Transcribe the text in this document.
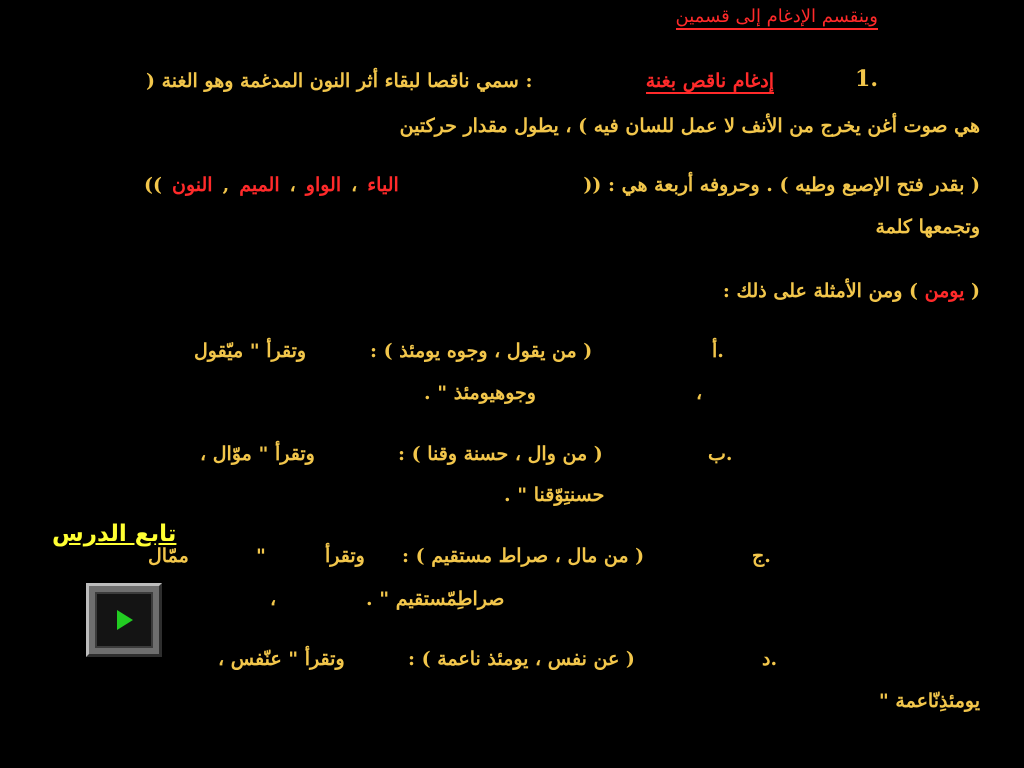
وينقسم الإدغام إلى قسمين
1.
إدغام ناقص بغنة
: سمي ناقصا لبقاء أثر النون المدغمة وهو الغنة (
هي صوت أغن يخرج من الأنف لا عمل للسان فيه ) ، يطول مقدار حركتين
( بقدر فتح الإصبع وطيه ) . وحروفه أربعة هي : ((
الياء
،
الواو
،
الميم
,
النون
))
وتجمعها كلمة
( يومن ) ومن الأمثلة على ذلك :
أ.
( من يقول ، وجوه يومئذ ) :
وتقرأ " ميّقول
،
وجوهيومئذ " .
ب.
( من وال ، حسنة وقنا ) :
وتقرأ " موّال ،
حسنتِوّقنا " .
ج.
( من مال ، صراط مستقيم ) :
وتقرأ
"
ممّال
،	صراطِمّستقيم " .
د.
( عن نفس ، يومئذ ناعمة ) :
وتقرأ " عنّفس ،
يومئذِنّاعمة "
تابع الدرس
